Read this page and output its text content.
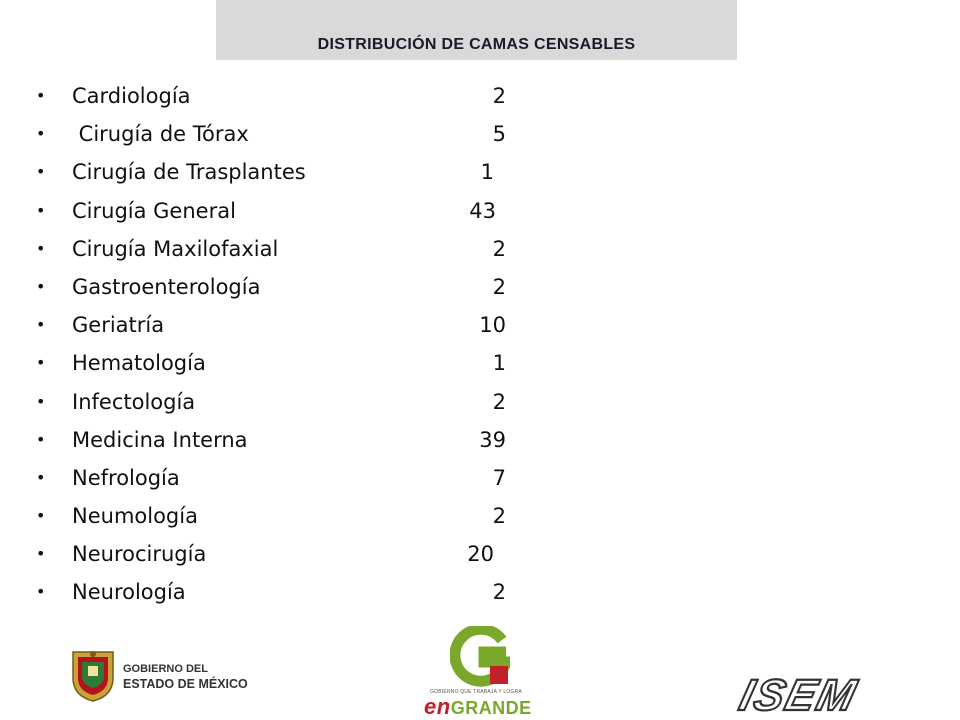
DISTRIBUCIÓN DE CAMAS CENSABLES
• Cardiología	2
• Cirugía de Tórax	5
• Cirugía de Trasplantes	1
• Cirugía General	43
• Cirugía Maxilofaxial	2
• Gastroenterología	2
• Geriatría	10
• Hematología	1
• Infectología	2
• Medicina Interna	39
• Nefrología	7
• Neumología	2
• Neurocirugía	20
• Neurología	2
GOBIERNO DEL
ESTADO DE MÉXICO
GOBIERNO QUE TRABAJA Y LOGRA
enGRANDE	ISEM
